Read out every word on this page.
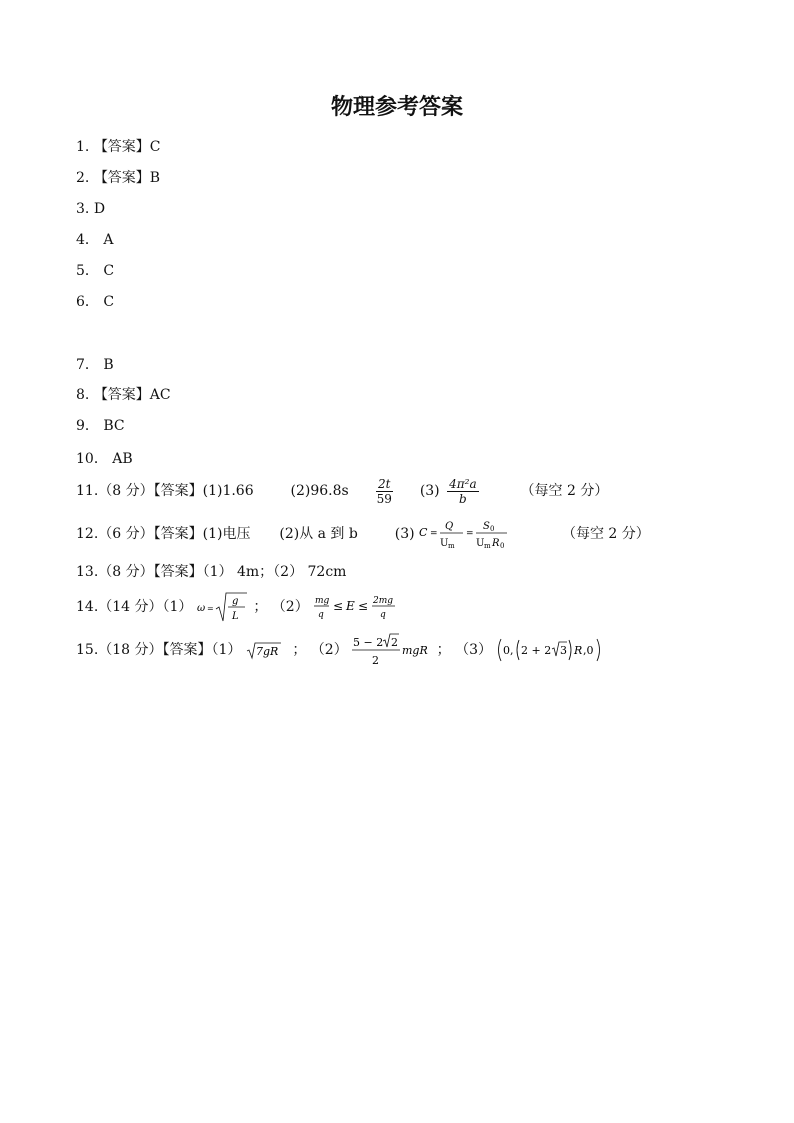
物理参考答案
1. 【答案】C
2. 【答案】B
3. D
4． A
5． C
6． C
7． B
8. 【答案】AC
9． BC
10． AB
11.（8 分）【答案】(1)1.66	$(2)96.8s \frac{2t}{59} (3) \frac{\text{4π²a}}{b}$	（每空 2 分）
12.（6 分）【答案】(1)电压 (2)从 a 到 b	(3) C =
Q
U m
=
S 0
U m R 0
（每空 2 分）
13.（8 分）【答案】（1） 4m；（2） 72cm
14.（14 分）（1） ω =
g
L
； （2） mg
q
≤ E ≤ 2mg
q
15.（18 分）【答案】（1） 7gR ； （2） 5 − 2 2
2
mgR ； （3） 0, 2 + 2 3 R ,0
